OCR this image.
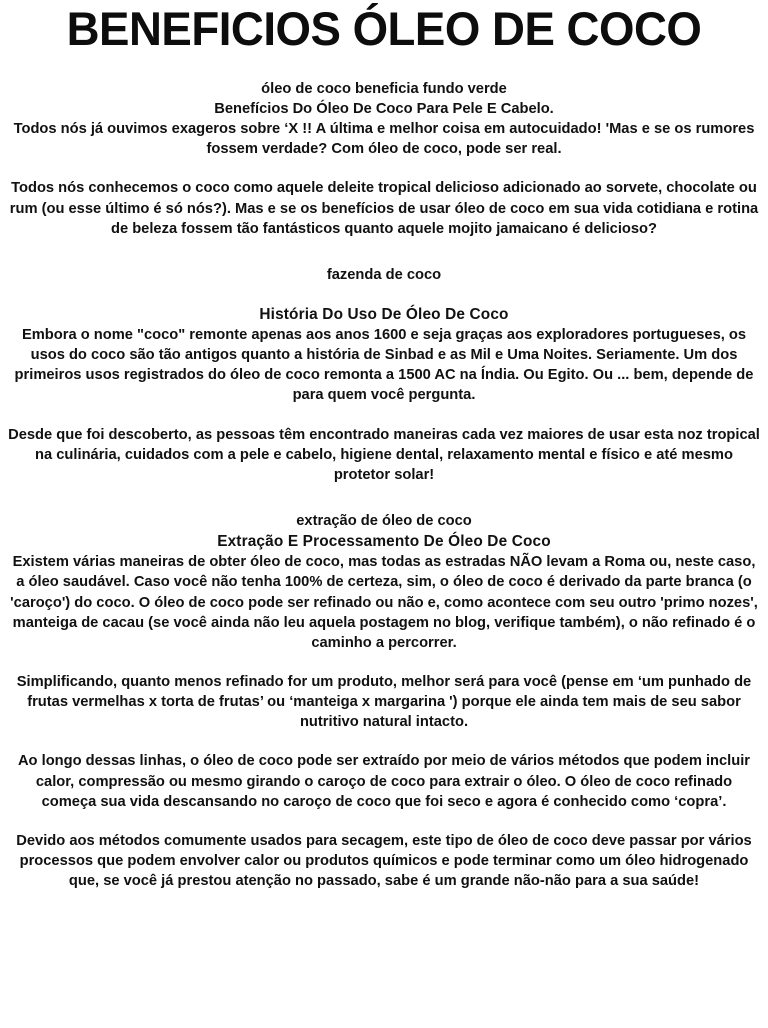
BENEFICIOS ÓLEO DE COCO

óleo de coco beneficia fundo verde

Benefícios Do Óleo De Coco Para Pele E Cabelo.

Todos nós já ouvimos exageros sobre ‘X !! A última e melhor coisa em autocuidado! 'Mas e se os rumores fossem verdade? Com óleo de coco, pode ser real.

Todos nós conhecemos o coco como aquele deleite tropical delicioso adicionado ao sorvete, chocolate ou rum (ou esse último é só nós?). Mas e se os benefícios de usar óleo de coco em sua vida cotidiana e rotina de beleza fossem tão fantásticos quanto aquele mojito jamaicano é delicioso?

fazenda de coco

História Do Uso De Óleo De Coco

Embora o nome "coco" remonte apenas aos anos 1600 e seja graças aos exploradores portugueses, os usos do coco são tão antigos quanto a história de Sinbad e as Mil e Uma Noites. Seriamente. Um dos primeiros usos registrados do óleo de coco remonta a 1500 AC na Índia. Ou Egito. Ou ... bem, depende de para quem você pergunta.

Desde que foi descoberto, as pessoas têm encontrado maneiras cada vez maiores de usar esta noz tropical na culinária, cuidados com a pele e cabelo, higiene dental, relaxamento mental e físico e até mesmo protetor solar!

extração de óleo de coco

Extração E Processamento De Óleo De Coco

Existem várias maneiras de obter óleo de coco, mas todas as estradas NÃO levam a Roma ou, neste caso, a óleo saudável. Caso você não tenha 100% de certeza, sim, o óleo de coco é derivado da parte branca (o 'caroço') do coco. O óleo de coco pode ser refinado ou não e, como acontece com seu outro 'primo nozes', manteiga de cacau (se você ainda não leu aquela postagem no blog, verifique também), o não refinado é o caminho a percorrer.

Simplificando, quanto menos refinado for um produto, melhor será para você (pense em ‘um punhado de frutas vermelhas x torta de frutas’ ou ‘manteiga x margarina ') porque ele ainda tem mais de seu sabor nutritivo natural intacto.

Ao longo dessas linhas, o óleo de coco pode ser extraído por meio de vários métodos que podem incluir calor, compressão ou mesmo girando o caroço de coco para extrair o óleo. O óleo de coco refinado começa sua vida descansando no caroço de coco que foi seco e agora é conhecido como ‘copra’.

Devido aos métodos comumente usados para secagem, este tipo de óleo de coco deve passar por vários processos que podem envolver calor ou produtos químicos e pode terminar como um óleo hidrogenado que, se você já prestou atenção no passado, sabe é um grande não-não para a sua saúde!
